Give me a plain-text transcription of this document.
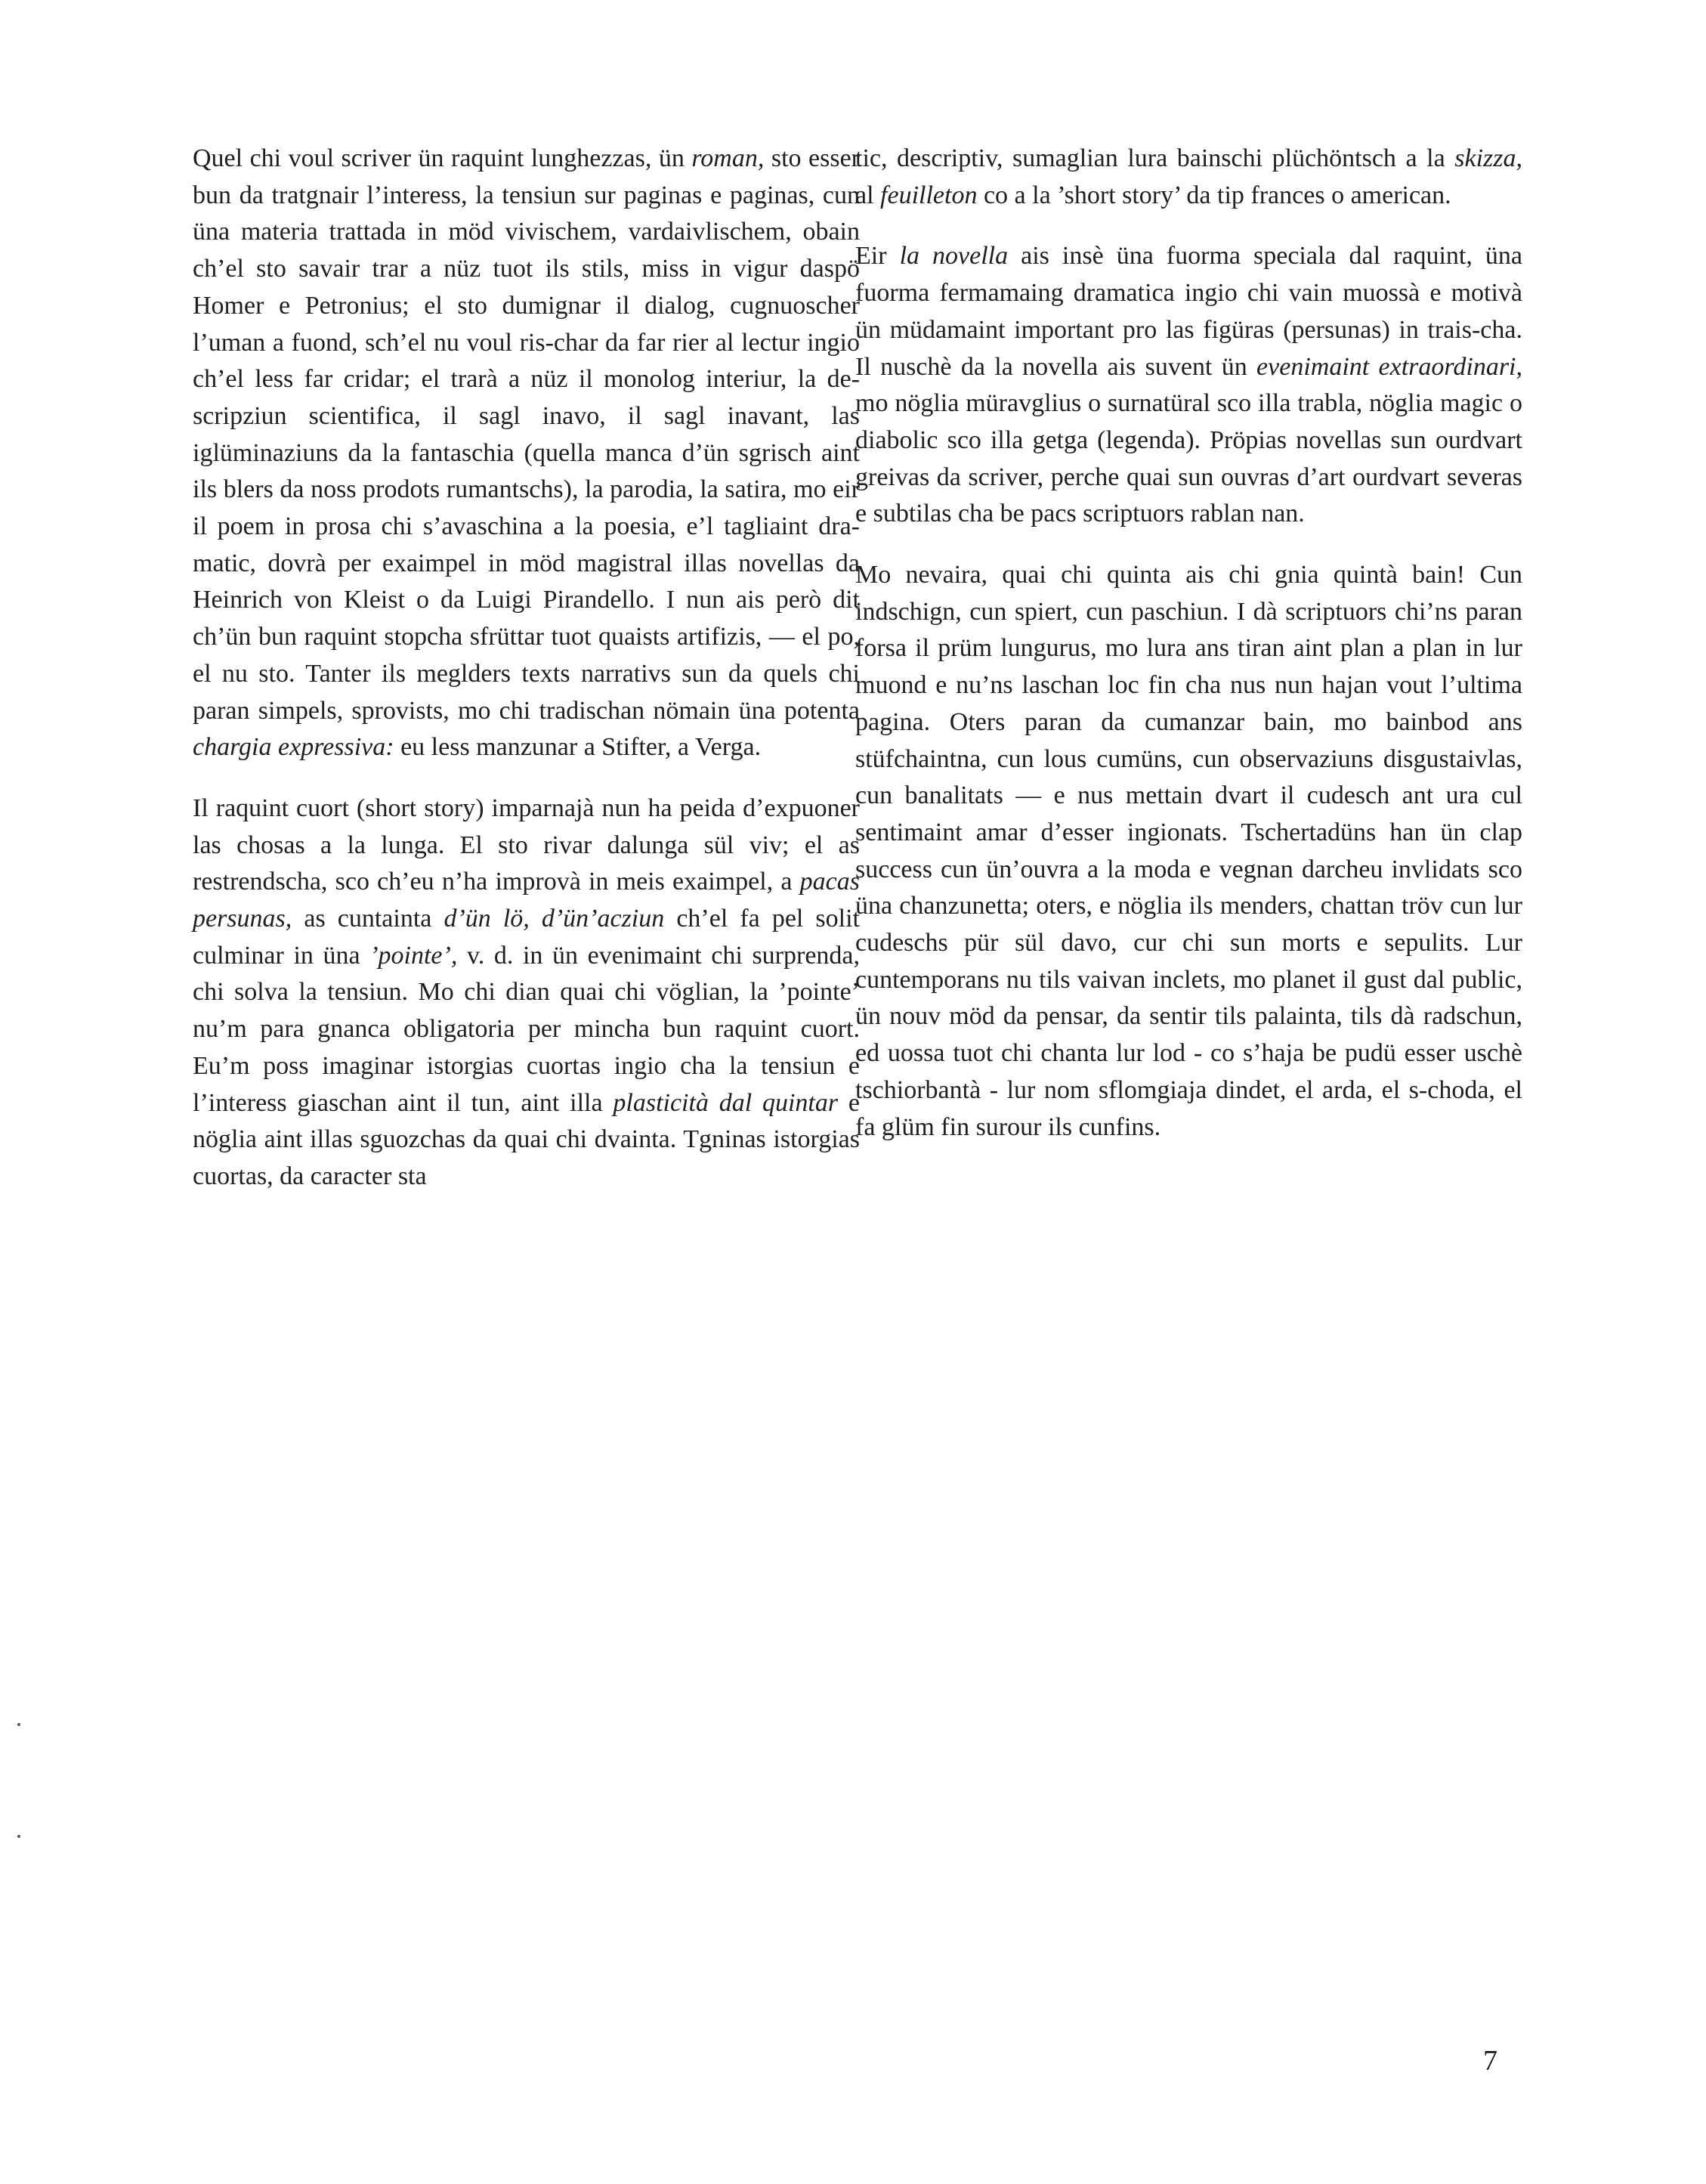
Quel chi voul scriver ün raquint lunghezzas, ün roman, sto esser bun da tratgnair l’interess, la tensiun sur paginas e paginas, cun üna materia trattada in möd vivischem, vardaivlischem, obain ch’el sto savair trar a nüz tuot ils stils, miss in vigur daspö Homer e Petronius; el sto dumignar il dialog, cugnuoscher l’uman a fuond, sch’el nu voul ris-char da far rier al lectur ingio ch’el less far cridar; el trarà a nüz il monolog interiur, la descripziun scientifica, il sagl inavo, il sagl inavant, las iglüminaziuns da la fantaschia (quella manca d’ün sgrisch aint ils blers da noss prodots rumantschs), la parodia, la satira, mo eir il poem in prosa chi s’avaschina a la poesia, e’l tagliaint dramatic, dovrà per exaimpel in möd magistral illas novellas da Heinrich von Kleist o da Luigi Pirandello. I nun ais però dit ch’ün bun raquint stopcha sfrüttar tuot quaists artifizis, — el po, el nu sto. Tanter ils meglders texts narrativs sun da quels chi paran simpels, sprovists, mo chi tradischan nömain üna potenta chargia expressiva: eu less manzunar a Stifter, a Verga.

Il raquint cuort (short story) imparnajà nun ha peida d’expuoner las chosas a la lunga. El sto rivar dalunga sül viv; el as restrendscha, sco ch’eu n’ha improvà in meis exaimpel, a pacas persunas, as cuntainta d’ün lö, d’ün’acziun ch’el fa pel solit culminar in üna ’pointe’, v. d. in ün evenimaint chi surprenda, chi solva la tensiun. Mo chi dian quai chi vöglian, la ’pointe’ nu’m para gnanca obligatoria per mincha bun raquint cuort. Eu’m poss imaginar istorgias cuortas ingio cha la tensiun e l’interess giaschan aint il tun, aint illa plasticità dal quintar e nöglia aint illas sguozchas da quai chi dvainta. Tgninas istorgias cuortas, da caracter sta

tic, descriptiv, sumaglian lura bainschi plüchöntsch a la skizza, al feuilleton co a la ’short story’ da tip frances o american.

Eir la novella ais insè üna fuorma speciala dal raquint, üna fuorma fermamaing dramatica ingio chi vain muossà e motivà ün müdamaint important pro las figüras (persunas) in trais-cha. Il nuschè da la novella ais suvent ün evenimaint extraordinari, mo nöglia müravglius o surnatüral sco illa trabla, nöglia magic o diabolic sco illa getga (legenda). Pröpias novellas sun ourdvart greivas da scriver, perche quai sun ouvras d’art ourdvart severas e subtilas cha be pacs scriptuors rablan nan.

Mo nevaira, quai chi quinta ais chi gnia quintà bain! Cun indschign, cun spiert, cun paschiun. I dà scriptuors chi’ns paran forsa il prüm lungurus, mo lura ans tiran aint plan a plan in lur muond e nu’ns laschan loc fin cha nus nun hajan vout l’ultima pagina. Oters paran da cumanzar bain, mo bainbod ans stüfchaintna, cun lous cumüns, cun observaziuns disgustaivlas, cun banalitats — e nus mettain dvart il cudesch ant ura cul sentimaint amar d’esser ingionats. Tschertadüns han ün clap success cun ün’ouvra a la moda e vegnan darcheu invlidats sco üna chanzunetta; oters, e nöglia ils menders, chattan tröv cun lur cudeschs pür sül davo, cur chi sun morts e sepulits. Lur cuntemporans nu tils vaivan inclets, mo planet il gust dal public, ün nouv möd da pensar, da sentir tils palainta, tils dà radschun, ed uossa tuot chi chanta lur lod - co s’haja be pudü esser uschè tschiorbantà - lur nom sflomgiaja dindet, el arda, el s-choda, el fa glüm fin surour ils cunfins.

7
